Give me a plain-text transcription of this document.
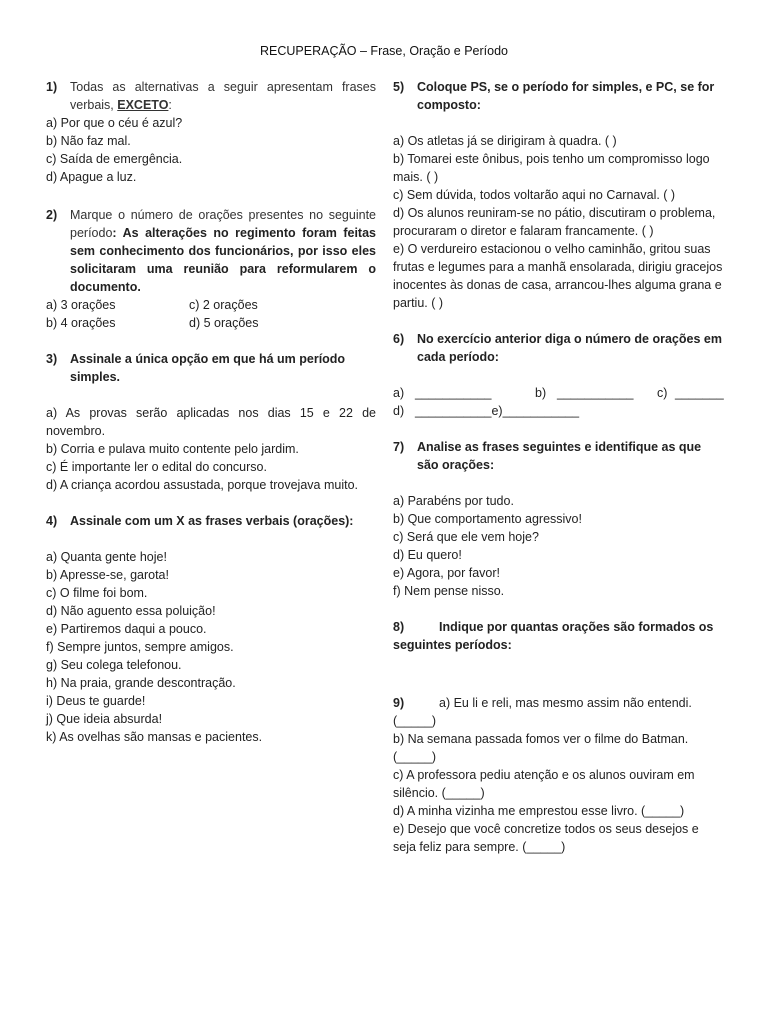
RECUPERAÇÃO – Frase, Oração e Período
1)	Todas as alternativas a seguir apresentam frases verbais, EXCETO:
a) Por que o céu é azul?
b) Não faz mal.
c) Saída de emergência.
d) Apague a luz.
2)	Marque o número de orações presentes no seguinte período: As alterações no regimento foram feitas sem conhecimento dos funcionários, por isso eles solicitaram uma reunião para reformularem o documento.
a) 3 orações	c) 2 orações
b) 4 orações	d) 5 orações
3)	Assinale a única opção em que há um período simples.
a) As provas serão aplicadas nos dias 15 e 22 de novembro.
b) Corria e pulava muito contente pelo jardim.
c) É importante ler o edital do concurso.
d) A criança acordou assustada, porque trovejava muito.
4)	Assinale com um X as frases verbais (orações):
a) Quanta gente hoje!
b) Apresse-se, garota!
c) O filme foi bom.
d) Não aguento essa poluição!
e) Partiremos daqui a pouco.
f) Sempre juntos, sempre amigos.
g) Seu colega telefonou.
h) Na praia, grande descontração.
i) Deus te guarde!
j) Que ideia absurda!
k) As ovelhas são mansas e pacientes.
5)	Coloque PS, se o período for simples, e PC, se for composto:
a) Os atletas já se dirigiram à quadra. ( )
b) Tomarei este ônibus, pois tenho um compromisso logo mais. ( )
c) Sem dúvida, todos voltarão aqui no Carnaval. ( )
d) Os alunos reuniram-se no pátio, discutiram o problema, procuraram o diretor e falaram francamente. ( )
e) O verdureiro estacionou o velho caminhão, gritou suas frutas e legumes para a manhã ensolarada, dirigiu gracejos inocentes às donas de casa, arrancou-lhes alguma grana e partiu. ( )
6)	No exercício anterior diga o número de orações em cada período:
a) ___________	b) ___________	c) _______
d) ___________ e) ___________
7)	Analise as frases seguintes e identifique as que são orações:
a) Parabéns por tudo.
b) Que comportamento agressivo!
c) Será que ele vem hoje?
d) Eu quero!
e) Agora, por favor!
f) Nem pense nisso.
8)	Indique por quantas orações são formados os seguintes períodos:
9)	a) Eu li e reli, mas mesmo assim não entendi. (_____)
b) Na semana passada fomos ver o filme do Batman. (_____)
c) A professora pediu atenção e os alunos ouviram em silêncio. (_____)
d) A minha vizinha me emprestou esse livro. (_____)
e) Desejo que você concretize todos os seus desejos e seja feliz para sempre. (_____)
